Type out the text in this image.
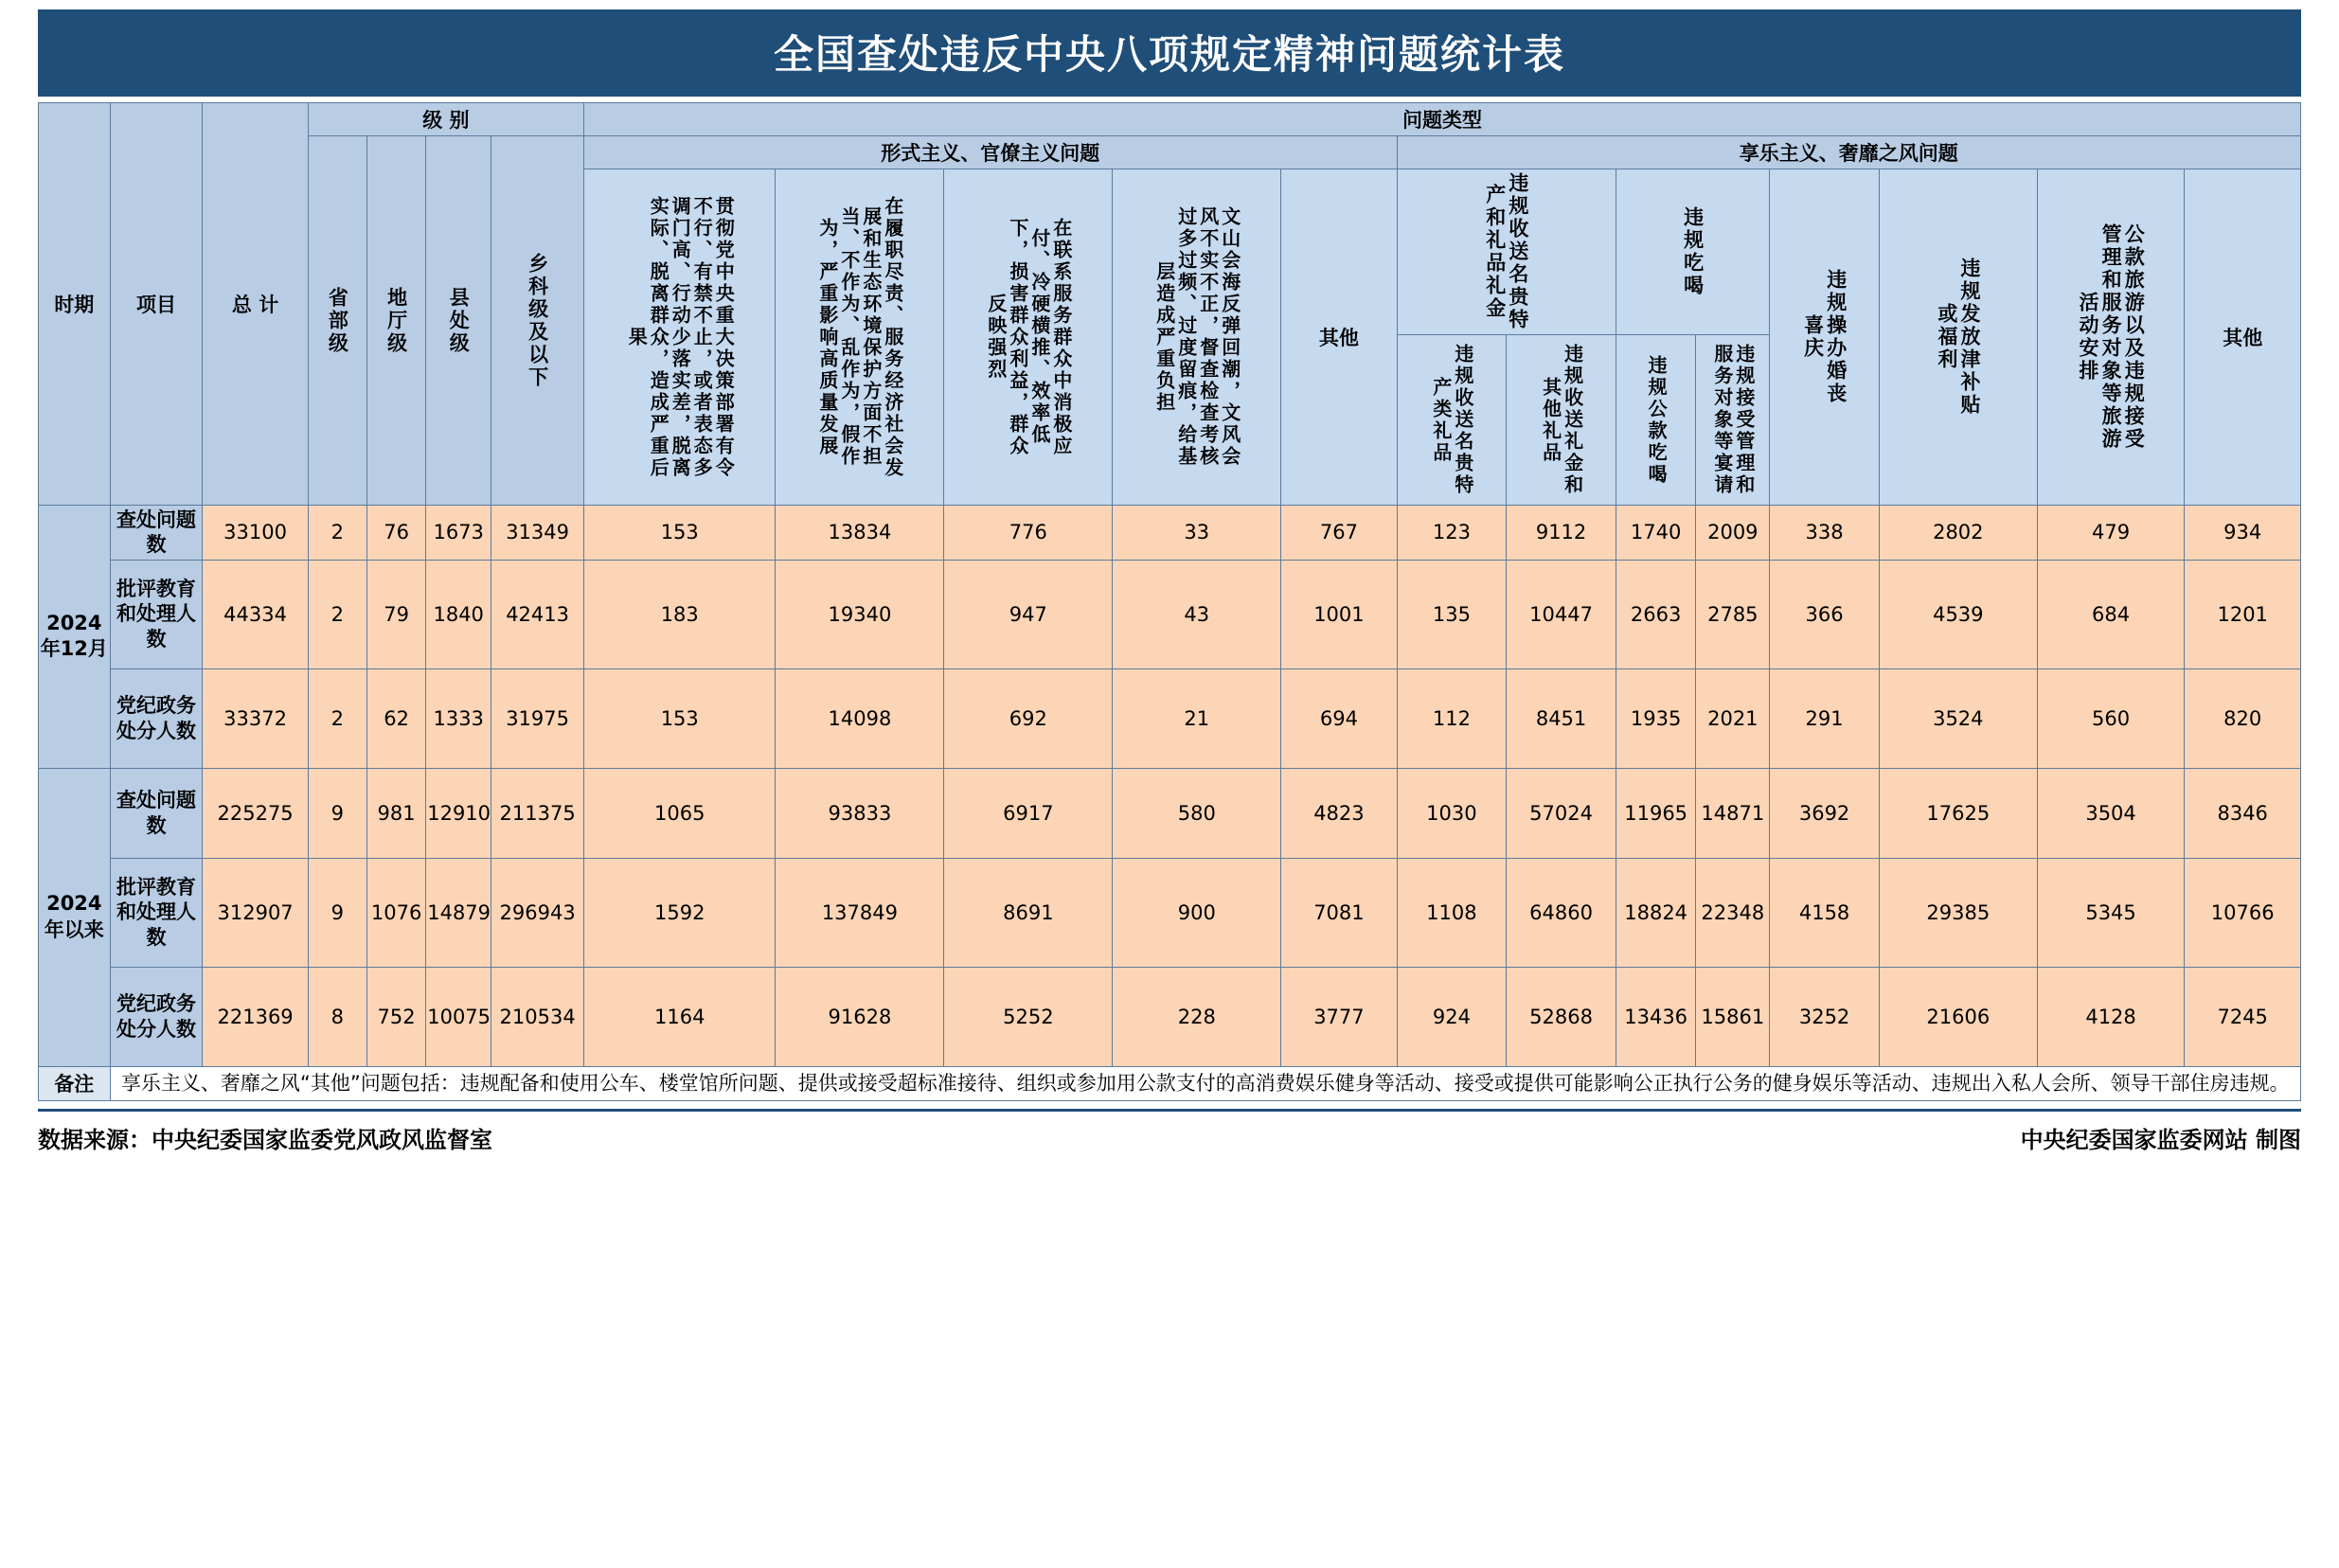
全国查处违反中央八项规定精神问题统计表
时期	项目	总 计	级 别				问题类型												

			省部级	地厅级	县处级	乡科级及以下	形式主义、官僚主义问题					享乐主义、奢靡之风问题							

							贯彻党中央重大决策部署有令不行、有禁不止，或者表态多调门高、行动少落实差，脱离实际、脱离群众，造成严重后果	在履职尽责、服务经济社会发展和生态环境保护方面不担当、不作为、乱作为，假作为，严重影响高质量发展	在联系服务群众中消极应付、冷硬横推、效率低下，损害群众利益，群众反映强烈	文山会海反弹回潮，文风会风不实不正，督查检查考核过多过频、过度留痕，给基层造成严重负担	其他	违规收送名贵特产和礼品礼金		违规吃喝		违规操办婚丧喜庆	违规发放津补贴或福利	公款旅游以及违规接受管理和服务对象等旅游活动安排	其他

												违规收送名贵特产类礼品	违规收送礼金和其他礼品	违规公款吃喝	违规接受管理和服务对象等宴请				

2024年12月	查处问题数	33100	2	76	1673	31349	153	13834	776	33	767	123	9112	1740	2009	338	2802	479	934
	批评教育和处理人数	44334	2	79	1840	42413	183	19340	947	43	1001	135	10447	2663	2785	366	4539	684	1201
	党纪政务处分人数	33372	2	62	1333	31975	153	14098	692	21	694	112	8451	1935	2021	291	3524	560	820
2024年以来	查处问题数	225275	9	981	12910	211375	1065	93833	6917	580	4823	1030	57024	11965	14871	3692	17625	3504	8346
	批评教育和处理人数	312907	9	1076	14879	296943	1592	137849	8691	900	7081	1108	64860	18824	22348	4158	29385	5345	10766
	党纪政务处分人数	221369	8	752	10075	210534	1164	91628	5252	228	3777	924	52868	13436	15861	3252	21606	4128	7245
备注	享乐主义、奢靡之风“其他”问题包括：违规配备和使用公车、楼堂馆所问题、提供或接受超标准接待、组织或参加用公款支付的高消费娱乐健身等活动、接受或提供可能影响公正执行公务的健身娱乐等活动、违规出入私人会所、领导干部住房违规。																		
数据来源：中央纪委国家监委党风政风监督室	中央纪委国家监委网站 制图
